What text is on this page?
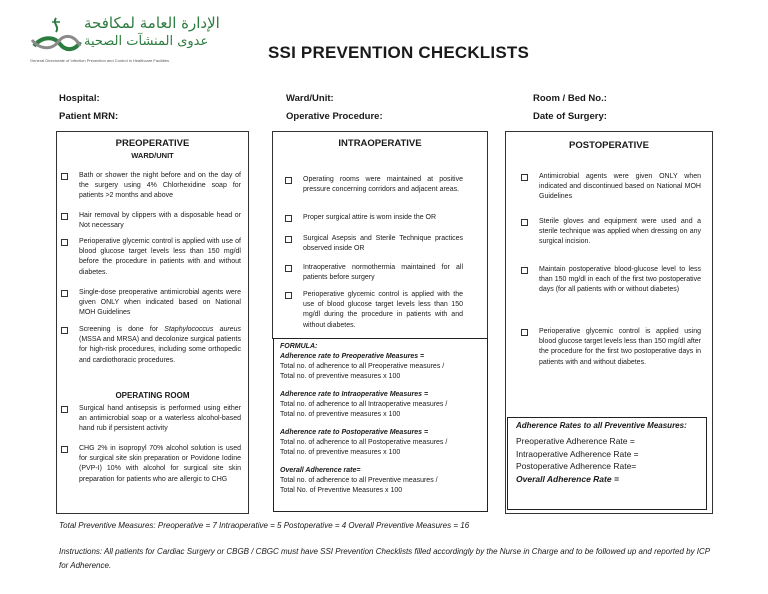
الإدارة العامة لمكافحة
عدوى المنشآت الصحية
General Directorate of Infection Prevention and Control in Healthcare Facilities	SSI PREVENTION CHECKLISTS
Hospital:	Ward/Unit:	Room / Bed No.:
Patient MRN:	Operative Procedure:	Date of Surgery:
PREOPERATIVE
WARD/UNIT
Bath or shower the night before and on the day of the surgery using 4% Chlorhexidine soap for patients >2 months and above
Hair removal by clippers with a disposable head or Not necessary
Perioperative glycemic control is applied with use of blood glucose target levels less than 150 mg/dl before the procedure in patients with and without diabetes.
Single-dose preoperative antimicrobial agents were given ONLY when indicated based on National MOH Guidelines
Screening is done for Staphylococcus aureus (MSSA and MRSA) and decolonize surgical patients for high-risk procedures, including some orthopedic and cardiothoracic procedures.
OPERATING ROOM
Surgical hand antisepsis is performed using either an antimicrobial soap or a waterless alcohol-based hand rub if persistent activity
CHG 2% in isopropyl 70% alcohol solution is used for surgical site skin preparation or Povidone Iodine (PVP-I) 10% with alcohol for surgical site skin preparation for patients who are allergic to CHG
INTRAOPERATIVE
Operating rooms were maintained at positive pressure concerning corridors and adjacent areas.
Proper surgical attire is worn inside the OR
Surgical Asepsis and Sterile Technique practices observed inside OR
Intraoperative normothermia maintained for all patients before surgery
Perioperative glycemic control is applied with the use of blood glucose target levels less than 150 mg/dl during the procedure in patients with and without diabetes.
FORMULA:
Adherence rate to Preoperative Measures =
Total no. of adherence to all Preoperative measures /
Total no. of preventive measures x 100
Adherence rate to Intraoperative Measures =
Total no. of adherence to all Intraoperative measures /
Total no. of preventive measures x 100
Adherence rate to Postoperative Measures =
Total no. of adherence to all Postoperative measures /
Total no. of preventive measures x 100
Overall Adherence rate=
Total no. of adherence to all Preventive measures /
Total No. of Preventive Measures x 100
POSTOPERATIVE
Antimicrobial agents were given ONLY when indicated and discontinued based on National MOH Guidelines
Sterile gloves and equipment were used and a sterile technique was applied when dressing on any surgical incision.
Maintain postoperative blood-glucose level to less than 150 mg/dl in each of the first two postoperative days (for all patients with or without diabetes)
Perioperative glycemic control is applied using blood glucose target levels less than 150 mg/dl after the procedure for the first two postoperative days in patients with and without diabetes.
Adherence Rates to all Preventive Measures:
Preoperative Adherence Rate =
Intraoperative Adherence Rate =
Postoperative Adherence Rate=
Overall Adherence Rate =
Total Preventive Measures: Preoperative = 7 Intraoperative = 5 Postoperative = 4 Overall Preventive Measures = 16
Instructions: All patients for Cardiac Surgery or CBGB / CBGC must have SSI Prevention Checklists filled accordingly by the Nurse in Charge and to be followed up and reported by ICP for Adherence.
